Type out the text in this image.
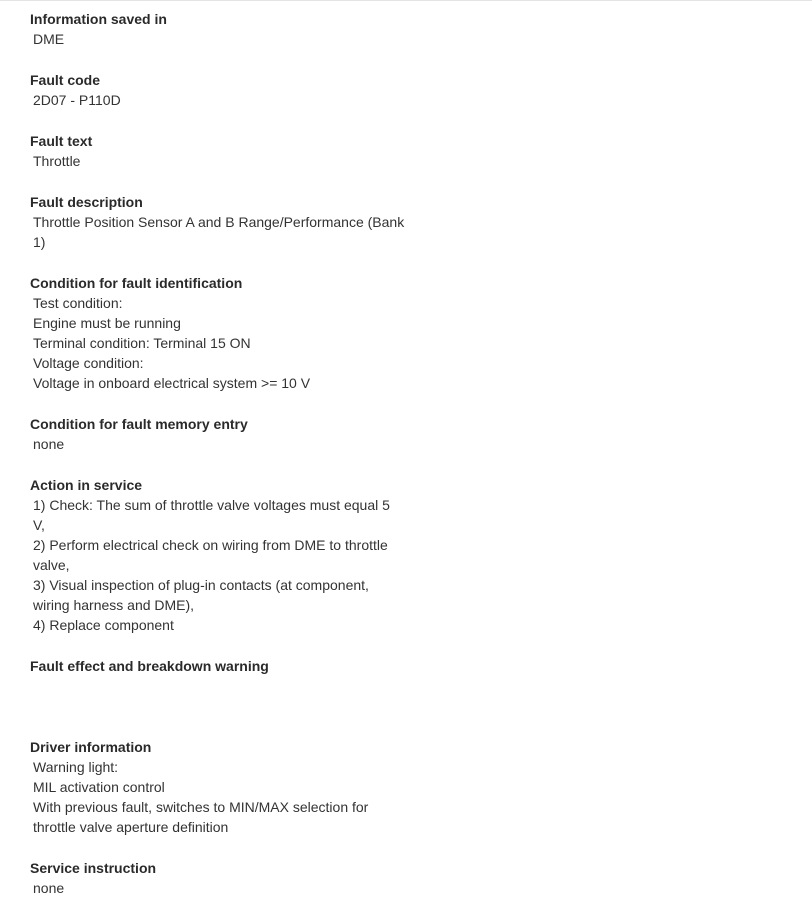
Information saved in
DME
Fault code
2D07 - P110D
Fault text
Throttle
Fault description
Throttle Position Sensor A and B Range/Performance (Bank
1)
Condition for fault identification
Test condition:
Engine must be running
Terminal condition: Terminal 15 ON
Voltage condition:
Voltage in onboard electrical system >= 10 V
Condition for fault memory entry
none
Action in service
1) Check: The sum of throttle valve voltages must equal 5
V,
2) Perform electrical check on wiring from DME to throttle
valve,
3) Visual inspection of plug-in contacts (at component,
wiring harness and DME),
4) Replace component
Fault effect and breakdown warning
Driver information
Warning light:
MIL activation control
With previous fault, switches to MIN/MAX selection for
throttle valve aperture definition
Service instruction
none
